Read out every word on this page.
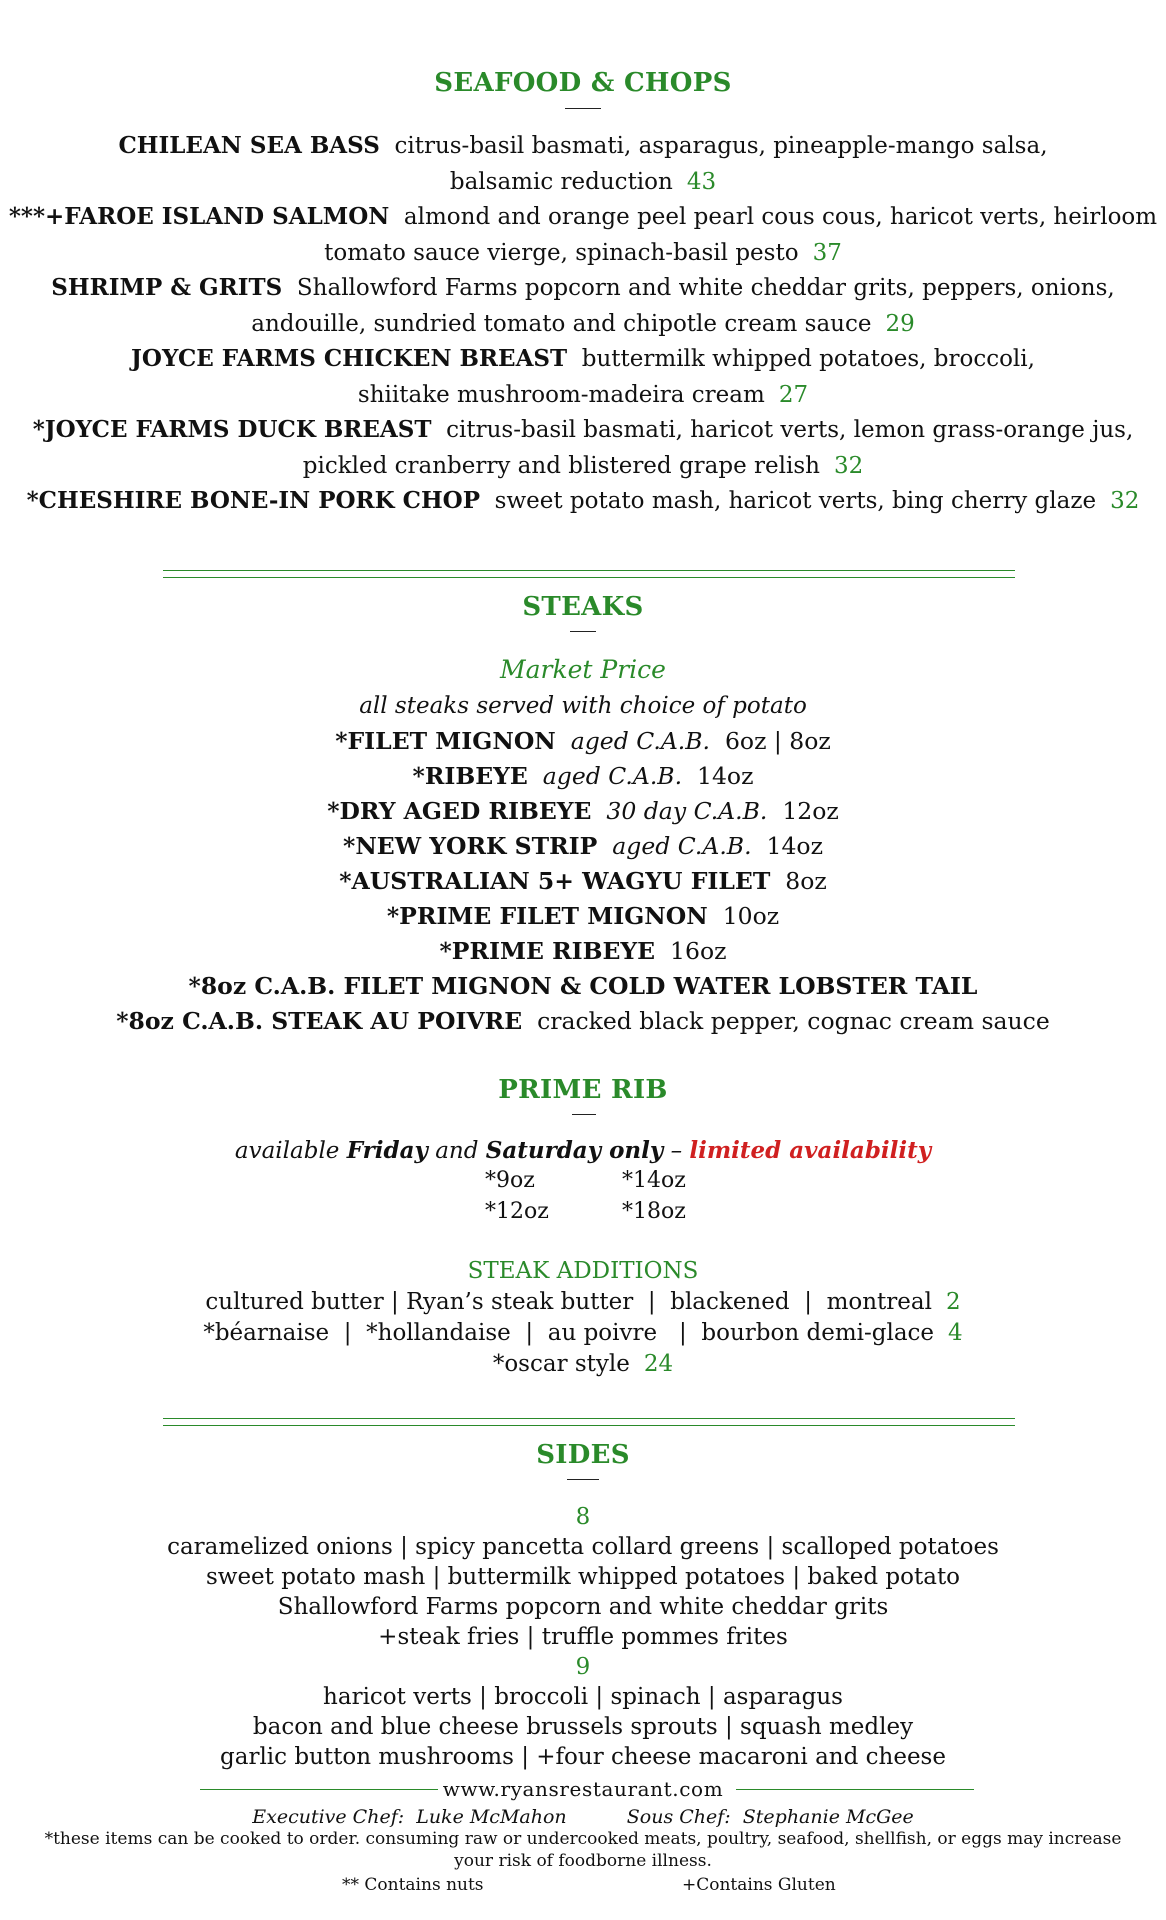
SEAFOOD & CHOPS
CHILEAN SEA BASS citrus-basil basmati, asparagus, pineapple-mango salsa,
balsamic reduction 43
***+FAROE ISLAND SALMON almond and orange peel pearl cous cous, haricot verts, heirloom
tomato sauce vierge, spinach-basil pesto 37
SHRIMP & GRITS Shallowford Farms popcorn and white cheddar grits, peppers, onions,
andouille, sundried tomato and chipotle cream sauce 29
JOYCE FARMS CHICKEN BREAST buttermilk whipped potatoes, broccoli,
shiitake mushroom-madeira cream 27
*JOYCE FARMS DUCK BREAST citrus-basil basmati, haricot verts, lemon grass-orange jus,
pickled cranberry and blistered grape relish 32
*CHESHIRE BONE-IN PORK CHOP sweet potato mash, haricot verts, bing cherry glaze 32
STEAKS
Market Price
all steaks served with choice of potato
*FILET MIGNON aged C.A.B. 6oz | 8oz
*RIBEYE aged C.A.B. 14oz
*DRY AGED RIBEYE 30 day C.A.B. 12oz
*NEW YORK STRIP aged C.A.B. 14oz
*AUSTRALIAN 5+ WAGYU FILET 8oz
*PRIME FILET MIGNON 10oz
*PRIME RIBEYE 16oz
*8oz C.A.B. FILET MIGNON & COLD WATER LOBSTER TAIL
*8oz C.A.B. STEAK AU POIVRE cracked black pepper, cognac cream sauce
PRIME RIB
available Friday and Saturday only – limited availability
*9oz	*14oz
*12oz	*18oz
STEAK ADDITIONS
cultured butter | Ryan’s steak butter  |  blackened  |  montreal 2
*béarnaise  |  *hollandaise  |  au poivre   |  bourbon demi-glace 4
*oscar style 24
SIDES
8
caramelized onions | spicy pancetta collard greens | scalloped potatoes
sweet potato mash | buttermilk whipped potatoes | baked potato
Shallowford Farms popcorn and white cheddar grits
+steak fries | truffle pommes frites
9
haricot verts | broccoli | spinach | asparagus
bacon and blue cheese brussels sprouts | squash medley
garlic button mushrooms | +four cheese macaroni and cheese
www.ryansrestaurant.com
Executive Chef:  Luke McMahon	Sous Chef:  Stephanie McGee
*these items can be cooked to order. consuming raw or undercooked meats, poultry, seafood, shellfish, or eggs may increase
your risk of foodborne illness.
** Contains nuts	+Contains Gluten
